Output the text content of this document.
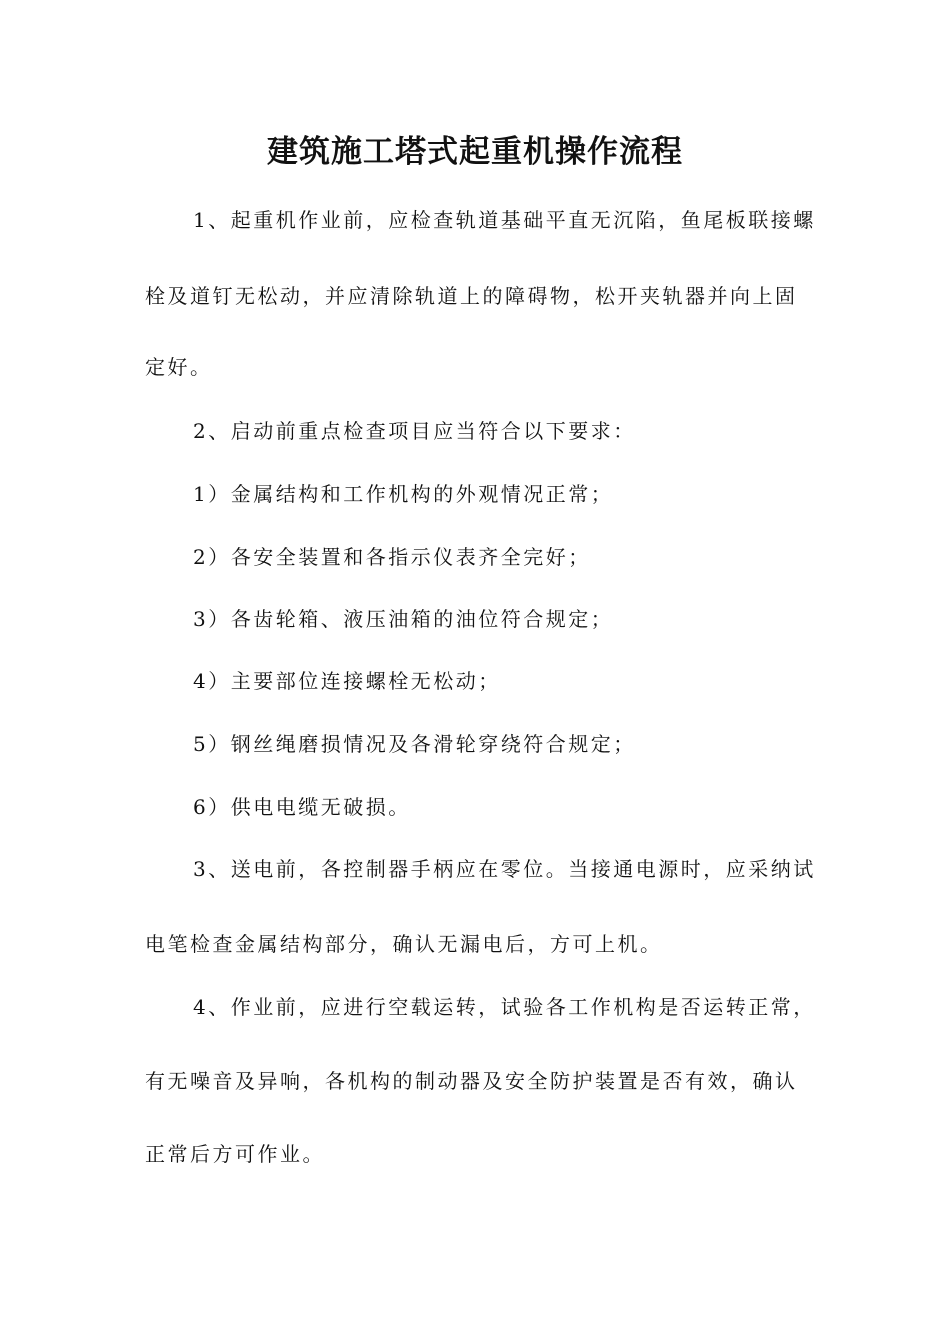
建筑施工塔式起重机操作流程
1、起重机作业前，应检查轨道基础平直无沉陷，鱼尾板联接螺
栓及道钉无松动，并应清除轨道上的障碍物，松开夹轨器并向上固
定好。
2、启动前重点检查项目应当符合以下要求：
1）金属结构和工作机构的外观情况正常；
2）各安全装置和各指示仪表齐全完好；
3）各齿轮箱、液压油箱的油位符合规定；
4）主要部位连接螺栓无松动；
5）钢丝绳磨损情况及各滑轮穿绕符合规定；
6）供电电缆无破损。
3、送电前，各控制器手柄应在零位。当接通电源时，应采纳试
电笔检查金属结构部分，确认无漏电后，方可上机。
4、作业前，应进行空载运转，试验各工作机构是否运转正常，
有无噪音及异响，各机构的制动器及安全防护装置是否有效，确认
正常后方可作业。
